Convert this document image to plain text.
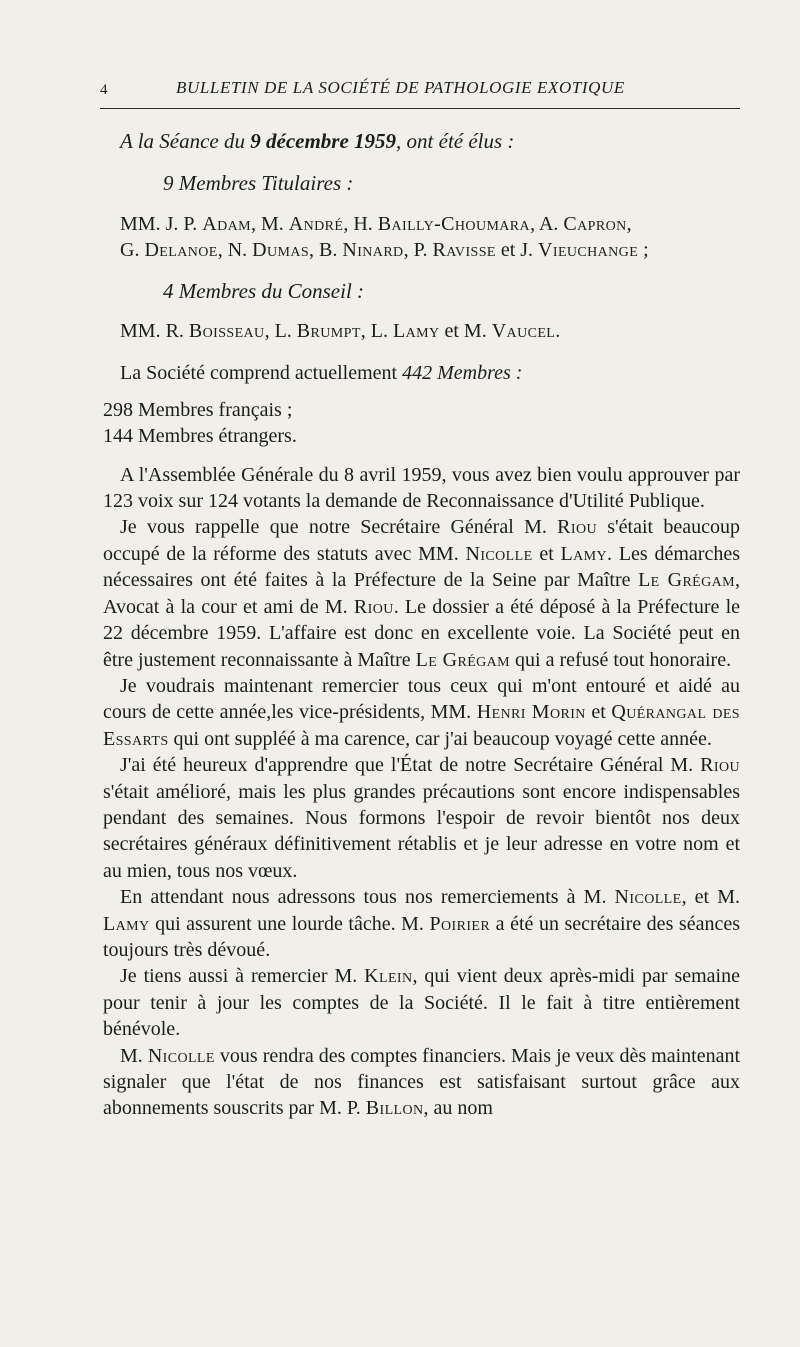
4	BULLETIN DE LA SOCIÉTÉ DE PATHOLOGIE EXOTIQUE

A la Séance du 9 décembre 1959, ont été élus :

9 Membres Titulaires :

MM. J. P. Adam, M. André, H. Bailly-Choumara, A. Capron,
G. Delanoe, N. Dumas, B. Ninard, P. Ravisse et J. Vieuchange ;

4 Membres du Conseil :

MM. R. Boisseau, L. Brumpt, L. Lamy et M. Vaucel.

La Société comprend actuellement 442 Membres :

298 Membres français ;

144 Membres étrangers.

A l'Assemblée Générale du 8 avril 1959, vous avez bien voulu approuver par 123 voix sur 124 votants la demande de Reconnaissance d'Utilité Publique.

Je vous rappelle que notre Secrétaire Général M. Riou s'était beaucoup occupé de la réforme des statuts avec MM. Nicolle et Lamy. Les démarches nécessaires ont été faites à la Préfecture de la Seine par Maître Le Grégam, Avocat à la cour et ami de M. Riou. Le dossier a été déposé à la Préfecture le 22 décembre 1959. L'affaire est donc en excellente voie. La Société peut en être justement reconnaissante à Maître Le Grégam qui a refusé tout honoraire.

Je voudrais maintenant remercier tous ceux qui m'ont entouré et aidé au cours de cette année,les vice-présidents, MM. Henri Morin et Quérangal des Essarts qui ont suppléé à ma carence, car j'ai beaucoup voyagé cette année.

J'ai été heureux d'apprendre que l'État de notre Secrétaire Général M. Riou s'était amélioré, mais les plus grandes précautions sont encore indispensables pendant des semaines. Nous formons l'espoir de revoir bientôt nos deux secrétaires généraux définitivement rétablis et je leur adresse en votre nom et au mien, tous nos vœux.

En attendant nous adressons tous nos remerciements à M. Nicolle, et M. Lamy qui assurent une lourde tâche. M. Poirier a été un secrétaire des séances toujours très dévoué.

Je tiens aussi à remercier M. Klein, qui vient deux après-midi par semaine pour tenir à jour les comptes de la Société. Il le fait à titre entièrement bénévole.

M. Nicolle vous rendra des comptes financiers. Mais je veux dès maintenant signaler que l'état de nos finances est satisfaisant surtout grâce aux abonnements souscrits par M. P. Billon, au nom
